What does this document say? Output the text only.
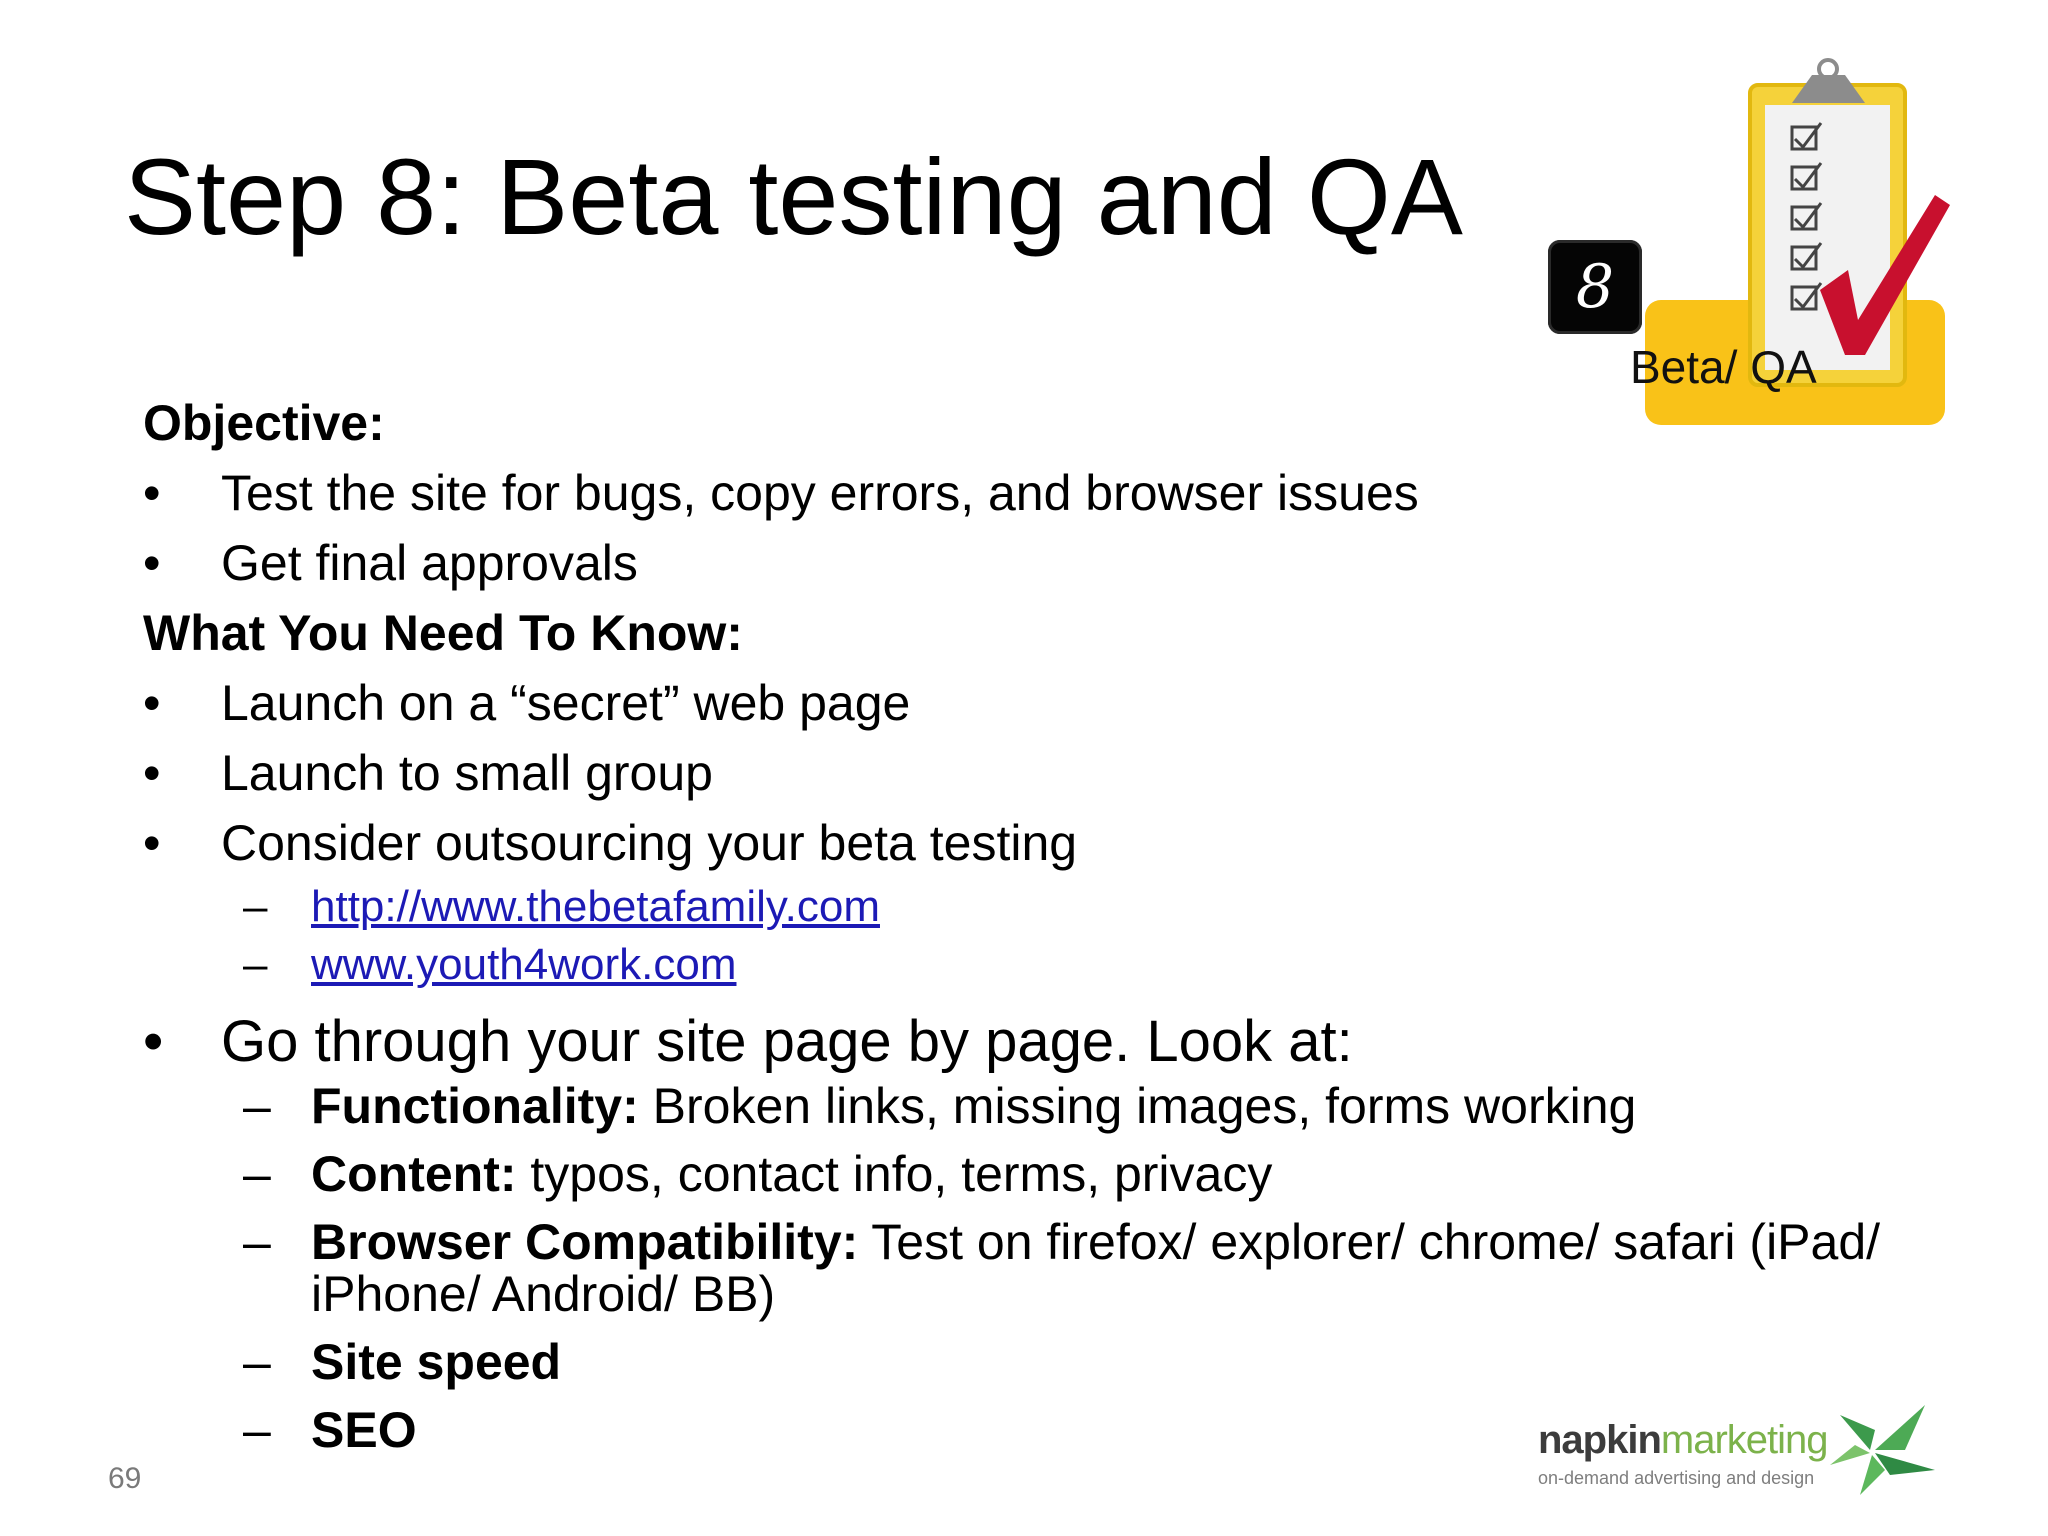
Step 8: Beta testing and QA
8
Beta/ QA
Objective:
• Test the site for bugs, copy errors, and browser issues
• Get final approvals
What You Need To Know:
• Launch on a “secret” web page
• Launch to small group
• Consider outsourcing your beta testing
– http://www.thebetafamily.com
– www.youth4work.com
• Go through your site page by page. Look at:
– Functionality: Broken links, missing images, forms working
– Content: typos, contact info, terms, privacy
– Browser Compatibility: Test on firefox/ explorer/ chrome/ safari (iPad/ iPhone/ Android/ BB)
– Site speed
– SEO
69
napkinmarketing
on-demand advertising and design
